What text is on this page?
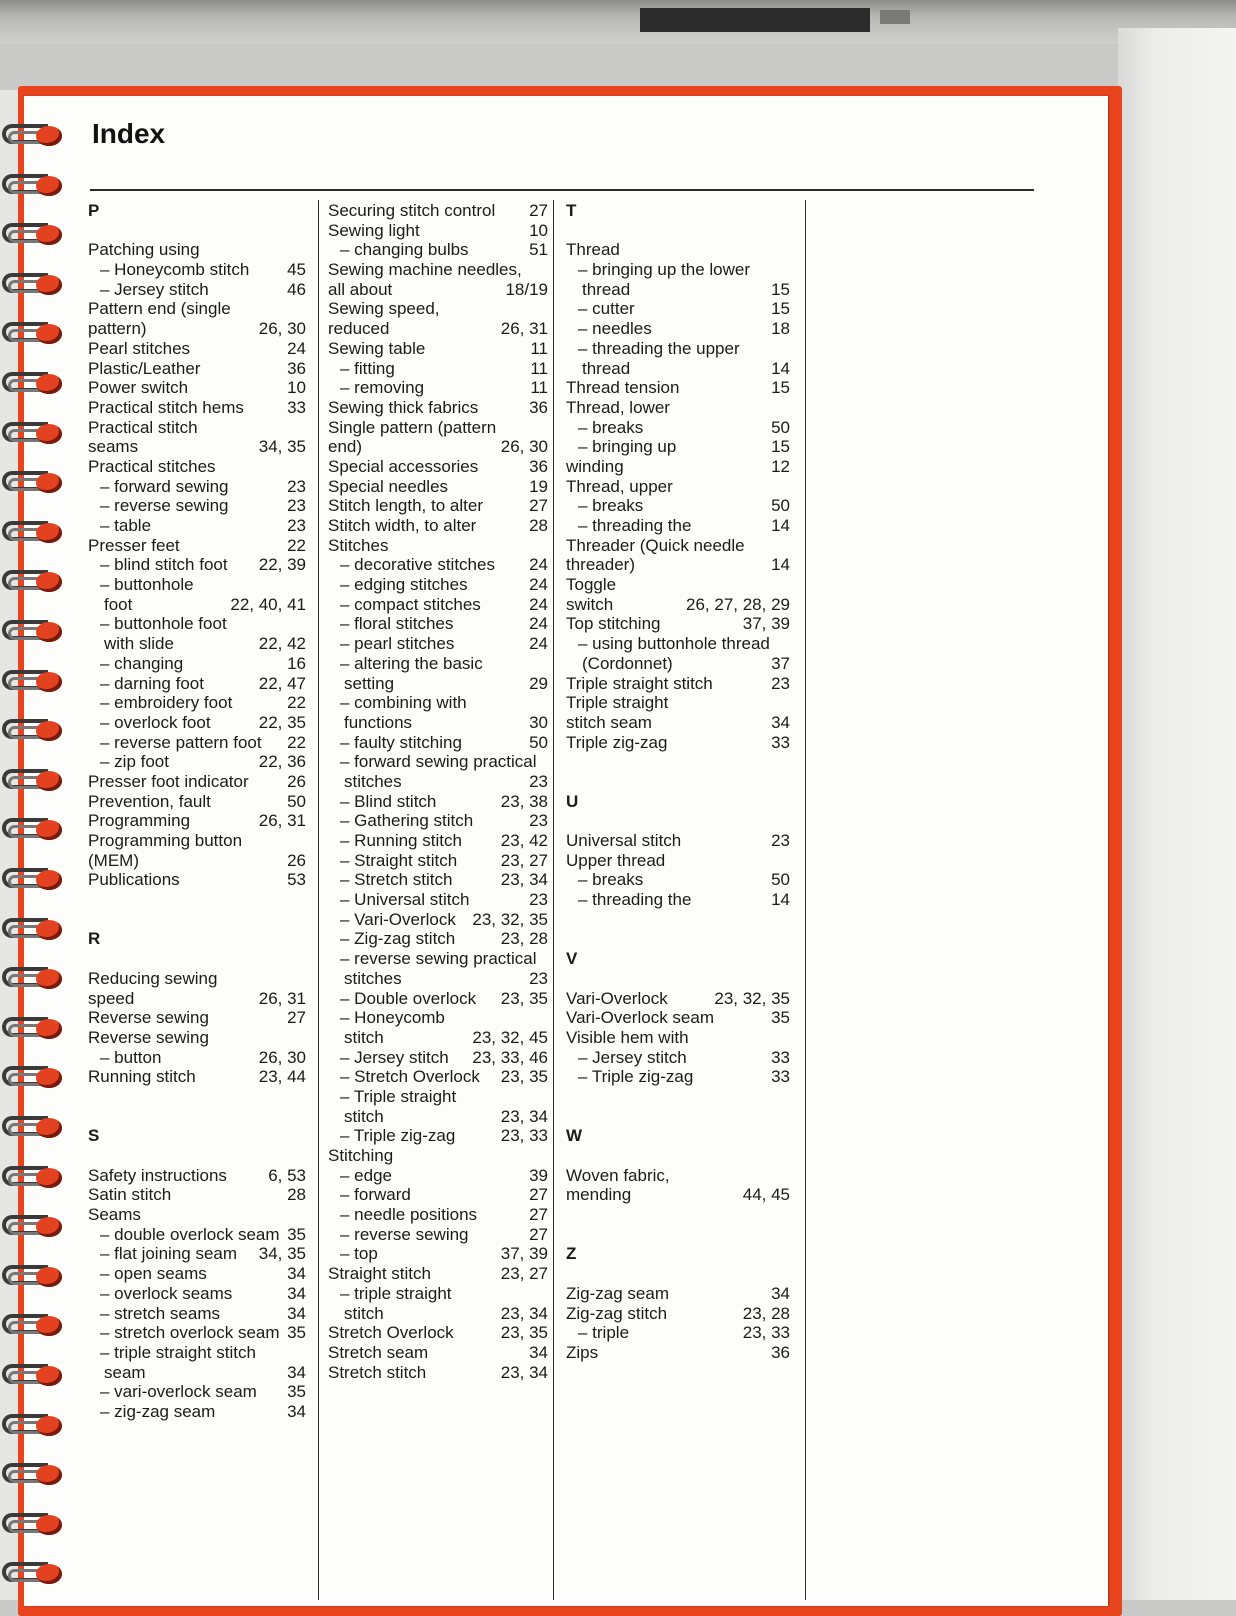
Index
P
Patching using
– Honeycomb stitch 45
– Jersey stitch	46
Pattern end (single
pattern)	26, 30
Pearl stitches	24
Plastic/Leather	36
Power switch	10
Practical stitch hems	33
Practical stitch
seams	34, 35
Practical stitches
– forward sewing	23
– reverse sewing	23
– table	23
Presser feet	22
– blind stitch foot 22, 39
– buttonhole
foot	22, 40, 41
– buttonhole foot
with slide	22, 42
– changing	16
– darning foot	22, 47
– embroidery foot	22
– overlock foot	22, 35
– reverse pattern foot 22
– zip foot	22, 36
Presser foot indicator 26
Prevention, fault	50
Programming	26, 31
Programming button
(MEM)	26
Publications	53
R
Reducing sewing
speed	26, 31
Reverse sewing	27
Reverse sewing
– button	26, 30
Running stitch	23, 44
S
Safety instructions 6, 53
Satin stitch	28
Seams
– double overlock seam 35
– flat joining seam 34, 35
– open seams	34
– overlock seams	34
– stretch seams	34
– stretch overlock seam 35
– triple straight stitch
seam	34
– vari-overlock seam 35
– zig-zag seam	34
Securing stitch control 27
Sewing light	10
– changing bulbs	51
Sewing machine needles,
all about	18/19
Sewing speed,
reduced	26, 31
Sewing table	11
– fitting	11
– removing	11
Sewing thick fabrics	36
Single pattern (pattern
end)	26, 30
Special accessories	36
Special needles	19
Stitch length, to alter	27
Stitch width, to alter	28
Stitches
– decorative stitches 24
– edging stitches	24
– compact stitches	24
– floral stitches	24
– pearl stitches	24
– altering the basic
setting	29
– combining with
functions	30
– faulty stitching	50
– forward sewing practical
stitches	23
– Blind stitch	23, 38
– Gathering stitch	23
– Running stitch 23, 42
– Straight stitch	23, 27
– Stretch stitch	23, 34
– Universal stitch	23
– Vari-Overlock 23, 32, 35
– Zig-zag stitch	23, 28
– reverse sewing practical
stitches	23
– Double overlock 23, 35
– Honeycomb
stitch	23, 32, 45
– Jersey stitch 23, 33, 46
– Stretch Overlock 23, 35
– Triple straight
stitch	23, 34
– Triple zig-zag	23, 33
Stitching
– edge	39
– forward	27
– needle positions	27
– reverse sewing	27
– top	37, 39
Straight stitch	23, 27
– triple straight
stitch	23, 34
Stretch Overlock	23, 35
Stretch seam	34
Stretch stitch	23, 34
T
Thread
– bringing up the lower
thread	15
– cutter	15
– needles	18
– threading the upper
thread	14
Thread tension	15
Thread, lower
– breaks	50
– bringing up	15
winding	12
Thread, upper
– breaks	50
– threading the	14
Threader (Quick needle
threader)	14
Toggle
switch	26, 27, 28, 29
Top stitching	37, 39
– using buttonhole thread
(Cordonnet)	37
Triple straight stitch	23
Triple straight
stitch seam	34
Triple zig-zag	33
U
Universal stitch	23
Upper thread
– breaks	50
– threading the	14
V
Vari-Overlock	23, 32, 35
Vari-Overlock seam	35
Visible hem with
– Jersey stitch	33
– Triple zig-zag	33
W
Woven fabric,
mending	44, 45
Z
Zig-zag seam	34
Zig-zag stitch	23, 28
– triple	23, 33
Zips	36
